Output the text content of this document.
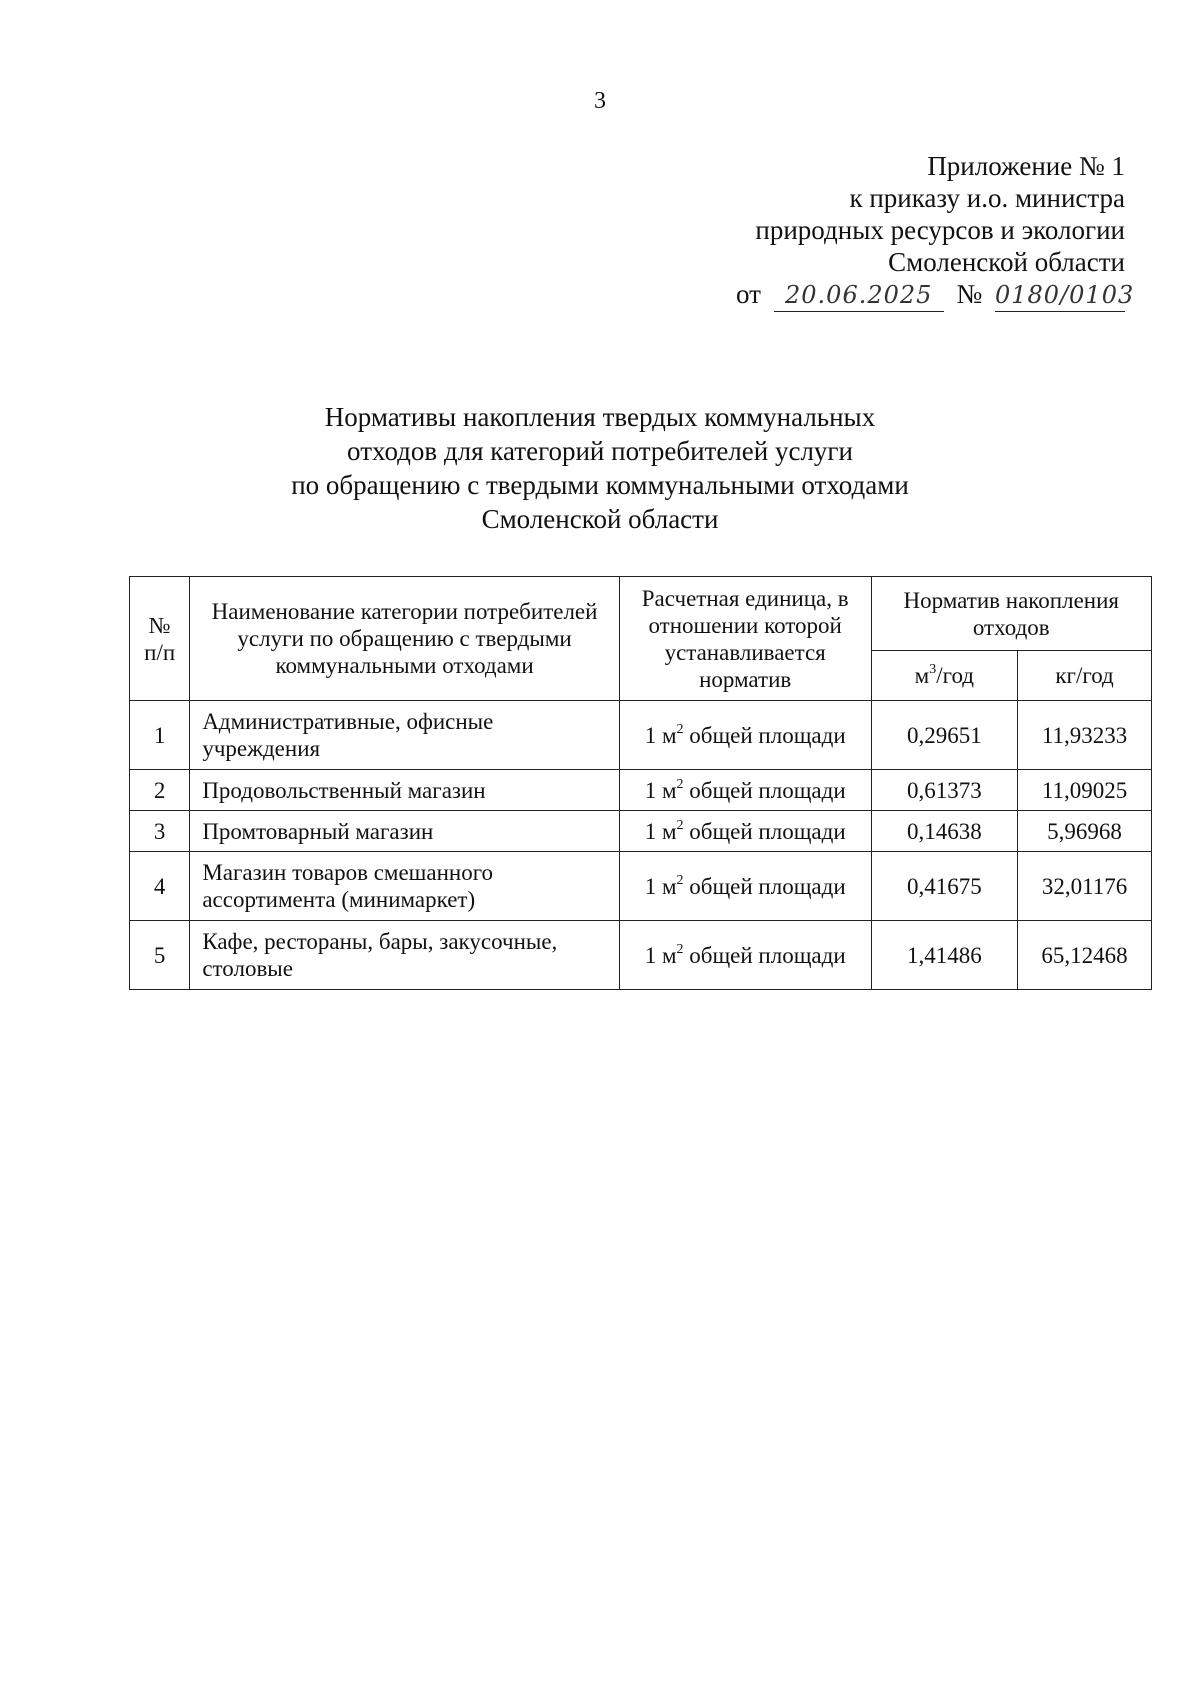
3
Приложение № 1
к приказу и.о. министра
природных ресурсов и экологии
Смоленской области
от 20.06.2025 № 0180/0103
Нормативы накопления твердых коммунальных
отходов для категорий потребителей услуги
по обращению с твердыми коммунальными отходами
Смоленской области
№
п/п	Наименование категории потребителей услуги по обращению с твердыми коммунальными отходами	Расчетная единица, в отношении которой устанавливается норматив	Норматив накопления отходов	
			$м^3$/год	кг/год
1	Административные, офисные учреждения	1 $м^2$ общей площади	0,29651	11,93233
2	Продовольственный магазин	1 $м^2$ общей площади	0,61373	11,09025
3	Промтоварный магазин	1 $м^2$ общей площади	0,14638	5,96968
4	Магазин товаров смешанного ассортимента (минимаркет)	1 $м^2$ общей площади	0,41675	32,01176
5	Кафе, рестораны, бары, закусочные, столовые	1 $м^2$ общей площади	1,41486	65,12468
